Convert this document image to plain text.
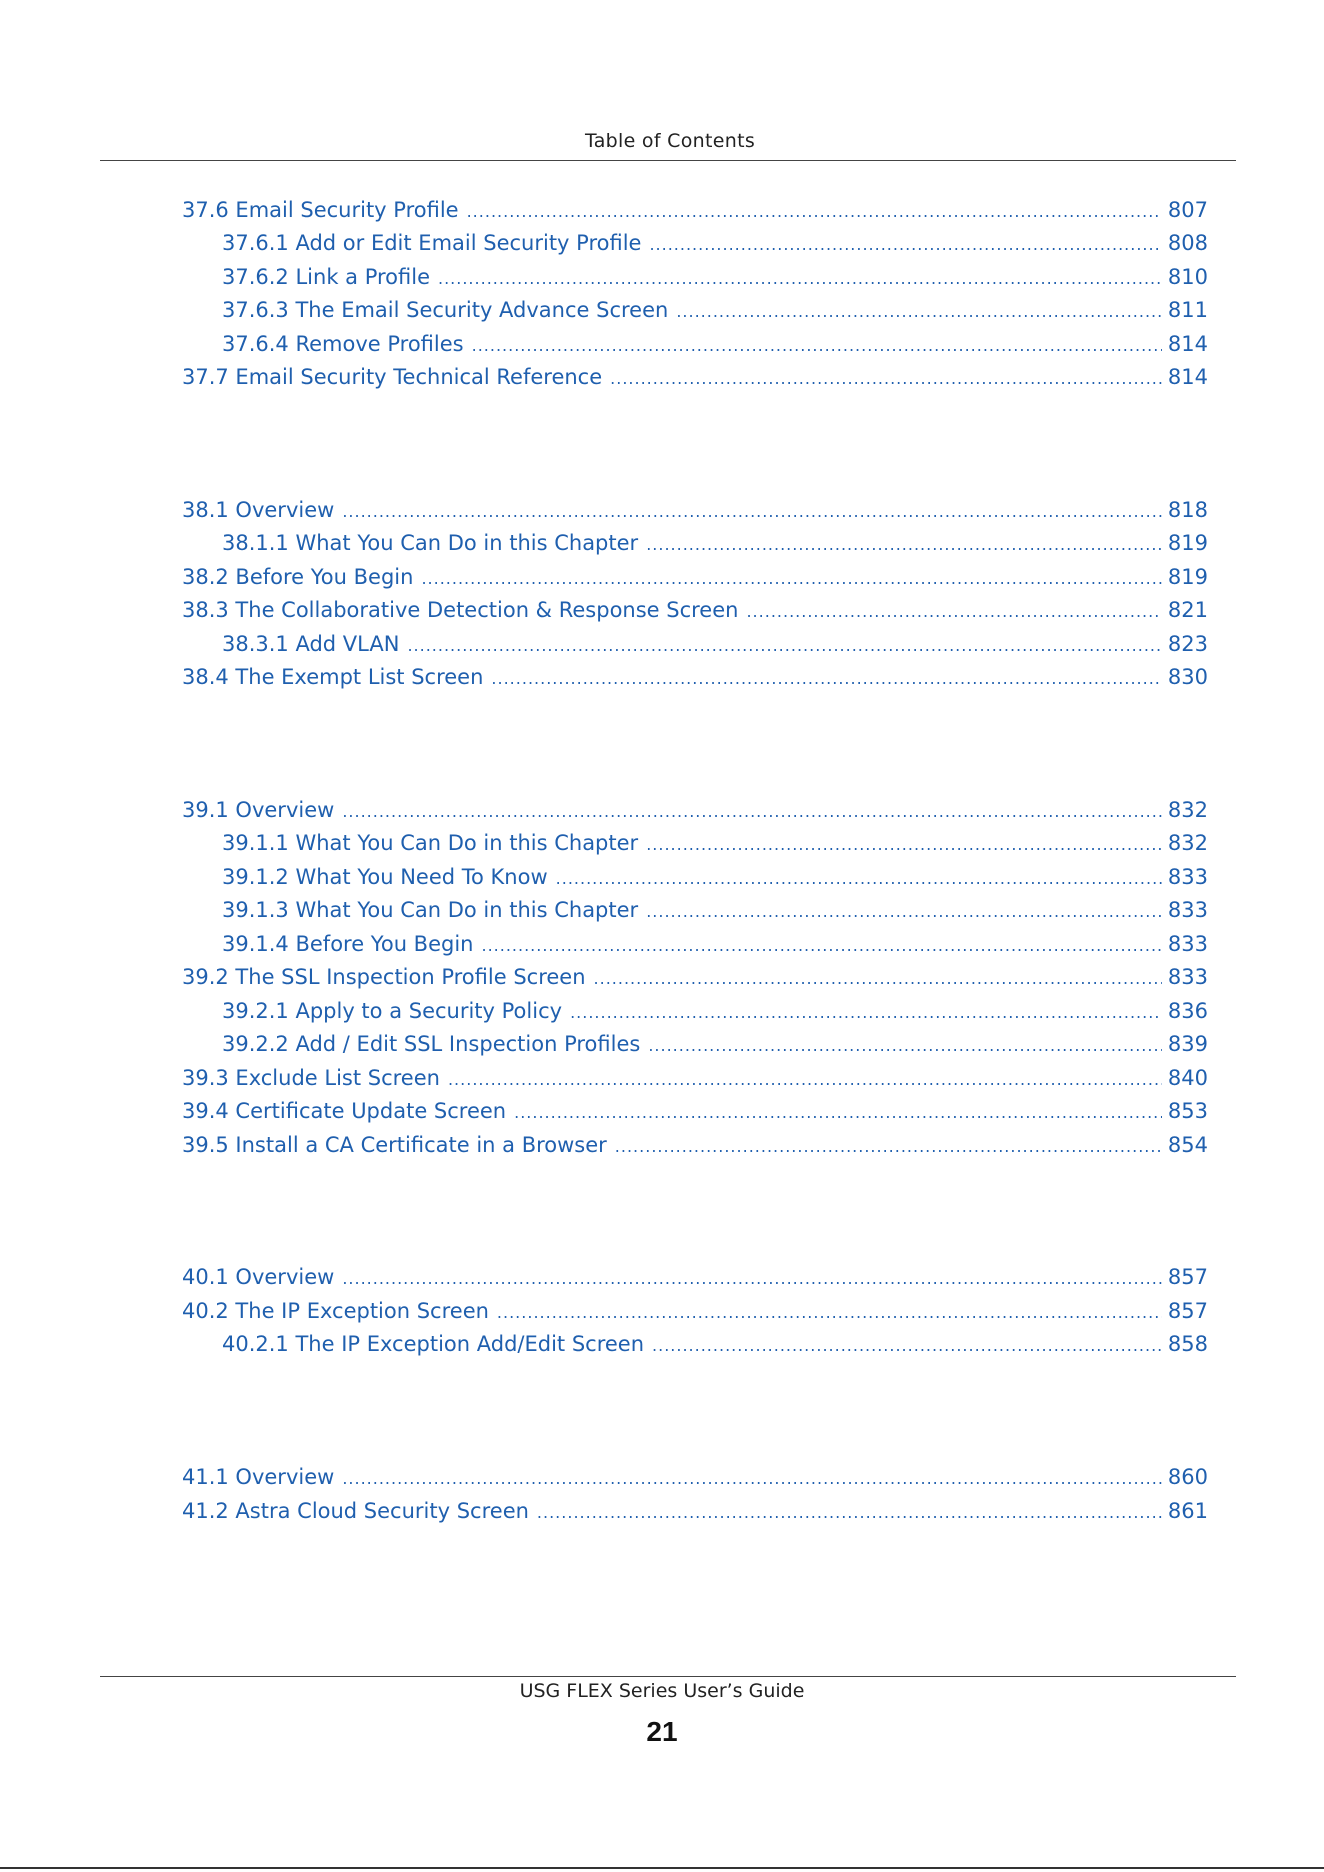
Table of Contents
37.6 Email Security Profile .....	807
37.6.1 Add or Edit Email Security Profile .....	808
37.6.2 Link a Profile .....	810
37.6.3 The Email Security Advance Screen .....	811
37.6.4 Remove Profiles .....	814
37.7 Email Security Technical Reference .....	814
38.1 Overview .....	818
38.1.1 What You Can Do in this Chapter .....	819
38.2 Before You Begin .....	819
38.3 The Collaborative Detection & Response Screen .....	821
38.3.1 Add VLAN .....	823
38.4 The Exempt List Screen .....	830
39.1 Overview .....	832
39.1.1 What You Can Do in this Chapter .....	832
39.1.2 What You Need To Know .....	833
39.1.3 What You Can Do in this Chapter .....	833
39.1.4 Before You Begin .....	833
39.2 The SSL Inspection Profile Screen .....	833
39.2.1 Apply to a Security Policy .....	836
39.2.2 Add / Edit SSL Inspection Profiles .....	839
39.3 Exclude List Screen .....	840
39.4 Certificate Update Screen .....	853
39.5 Install a CA Certificate in a Browser .....	854
40.1 Overview .....	857
40.2 The IP Exception Screen .....	857
40.2.1 The IP Exception Add/Edit Screen .....	858
41.1 Overview .....	860
41.2 Astra Cloud Security Screen .....	861
USG FLEX Series User’s Guide
21
